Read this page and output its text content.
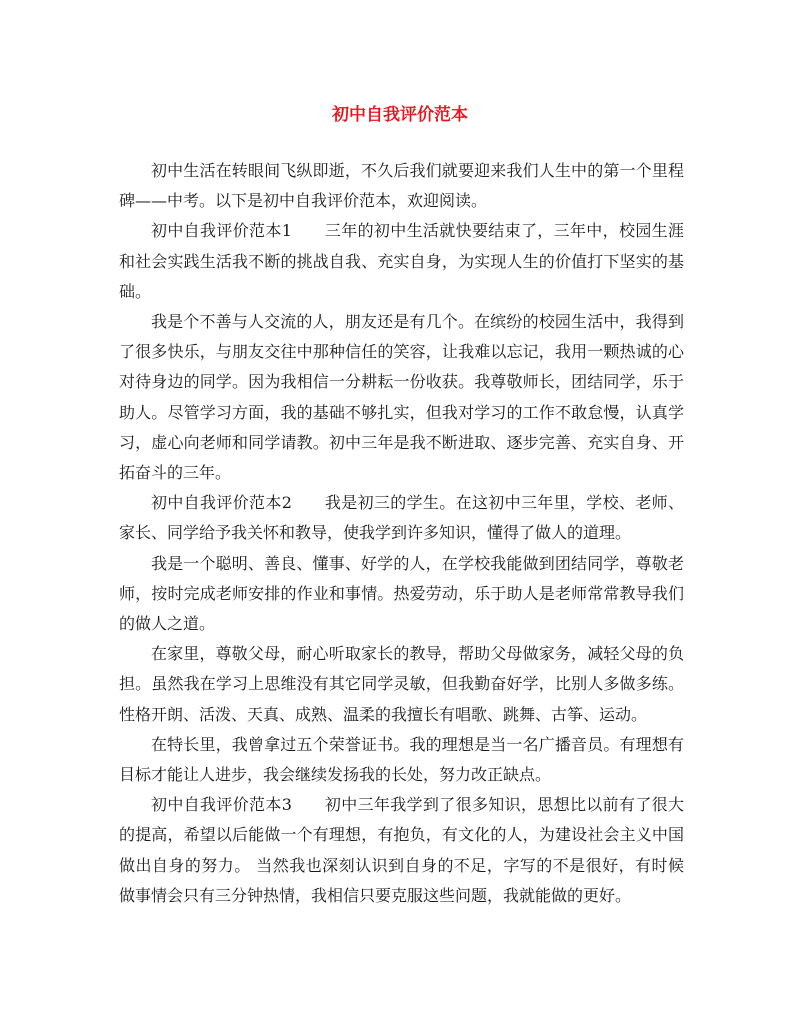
初中自我评价范本

初中生活在转眼间飞纵即逝，不久后我们就要迎来我们人生中的第一个里程碑——中考。以下是初中自我评价范本，欢迎阅读。

初中自我评价范本1　　三年的初中生活就快要结束了，三年中，校园生涯和社会实践生活我不断的挑战自我、充实自身，为实现人生的价值打下坚实的基础。

我是个不善与人交流的人，朋友还是有几个。在缤纷的校园生活中，我得到了很多快乐，与朋友交往中那种信任的笑容，让我难以忘记，我用一颗热诚的心对待身边的同学。因为我相信一分耕耘一份收获。我尊敬师长，团结同学，乐于助人。尽管学习方面，我的基础不够扎实，但我对学习的工作不敢怠慢，认真学习，虚心向老师和同学请教。初中三年是我不断进取、逐步完善、充实自身、开拓奋斗的三年。

初中自我评价范本2　　我是初三的学生。在这初中三年里，学校、老师、家长、同学给予我关怀和教导，使我学到许多知识，懂得了做人的道理。

我是一个聪明、善良、懂事、好学的人，在学校我能做到团结同学，尊敬老师，按时完成老师安排的作业和事情。热爱劳动，乐于助人是老师常常教导我们的做人之道。

在家里，尊敬父母，耐心听取家长的教导，帮助父母做家务，减轻父母的负担。虽然我在学习上思维没有其它同学灵敏，但我勤奋好学，比别人多做多练。性格开朗、活泼、天真、成熟、温柔的我擅长有唱歌、跳舞、古筝、运动。

在特长里，我曾拿过五个荣誉证书。我的理想是当一名广播音员。有理想有目标才能让人进步，我会继续发扬我的长处，努力改正缺点。

初中自我评价范本3　　初中三年我学到了很多知识，思想比以前有了很大的提高，希望以后能做一个有理想，有抱负，有文化的人，为建设社会主义中国做出自身的努力。 当然我也深刻认识到自身的不足，字写的不是很好，有时候做事情会只有三分钟热情，我相信只要克服这些问题，我就能做的更好。
